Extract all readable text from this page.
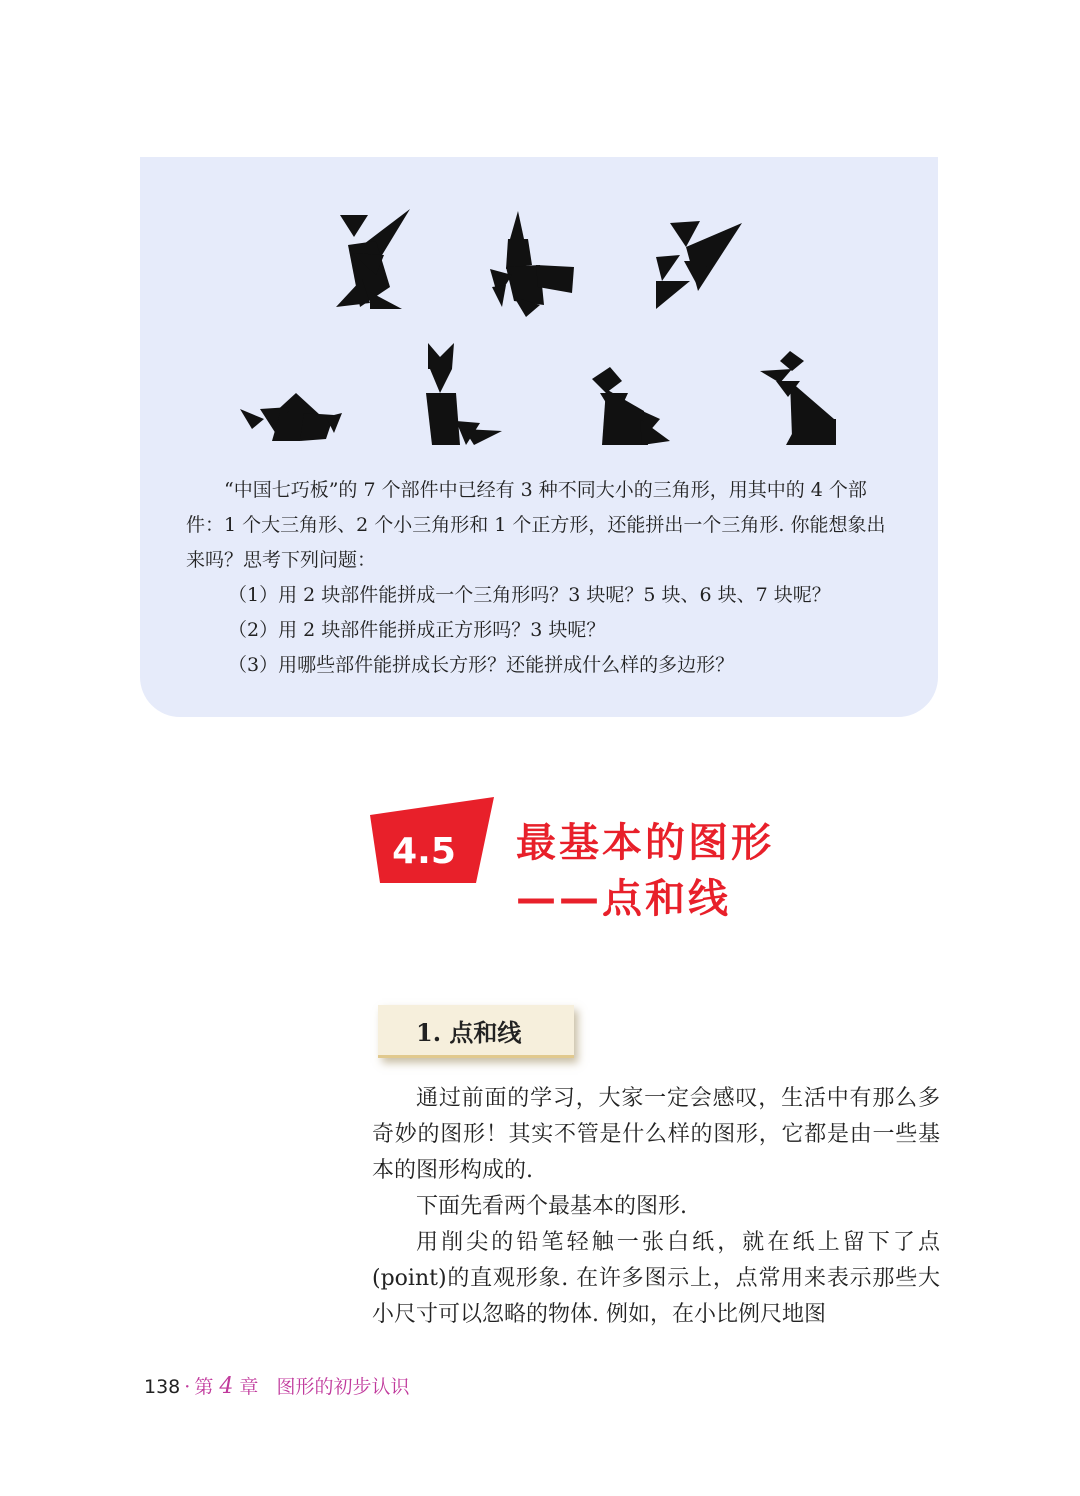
“中国七巧板”的 7 个部件中已经有 3 种不同大小的三角形，用其中的 4 个部件：1 个大三角形、2 个小三角形和 1 个正方形，还能拼出一个三角形. 你能想象出来吗？思考下列问题：

（1）用 2 块部件能拼成一个三角形吗？3 块呢？5 块、6 块、7 块呢？

（2）用 2 块部件能拼成正方形吗？3 块呢？

（3）用哪些部件能拼成长方形？还能拼成什么样的多边形？

4.5 最基本的图形
——点和线
1. 点和线

通过前面的学习，大家一定会感叹，生活中有那么多奇妙的图形！其实不管是什么样的图形，它都是由一些基本的图形构成的.

下面先看两个最基本的图形.

用削尖的铅笔轻触一张白纸，就在纸上留下了点(point)的直观形象. 在许多图示上，点常用来表示那些大小尺寸可以忽略的物体. 例如，在小比例尺地图

138 · 第 4 章 图形的初步认识
